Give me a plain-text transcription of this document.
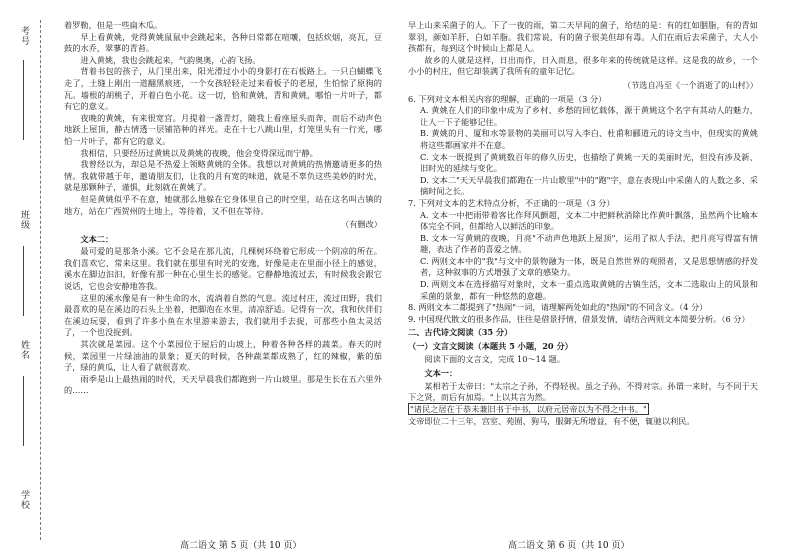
考号
班级
姓名
学校

着罗勒，但是一些扁木瓜。

早上看黄姚，党得黄姚鼠鼠中会跳起来，各种日常都在喧嚷，包括炊烟，亮瓦，豆鼓的水乔，翠蓼的青苔。

进入黄姚，我也会跳起来，气韵奥奥，心韵飞扬。

背着书包的孩子，从门里出来，阳光滑过小小的身影打在石板路上。一只白蝴蝶飞走了，土缝上刚出一道翻黑痕迹，一个女孩轻轻走过来看板子的老屋，生怕惊了原狗的瓦。墙根的胡桃子，开着白色小花。这一切，恰和黄姚，青和黄姚，哪怕一片叶子，都有它的意义。

夜晚的黄姚，有来很宽宫。月提着一盏青灯，随我上看座屋头而奔，而后不动声色地跃上屋顶，静古情透一层铺箔种的祥光。走在十七八跳山里，灯笼里头有一行光，哪怕一片叶子，都有它的意义。

我相信，只要经历过黄姚以及黄姚的夜晚，他会变得深远而宁静。

我曾经以为，却总是不热爱上领略黄姚的全体。我想以对黄姚的热情邀请更多的热情。我就带越于年，邀请朋友们，让我的月有宽的味道，就是不辜负这些美妙的时光，就是那颗种子，谨惧，此刻就在黄姚了。

但是黄姚似乎不在意，她就那么地躲在它身体里自己的时空里，站在这名叫古镇的地方，站在广西贺州的土地上，等待着，又不但在等待。

（有删改）

文本二：

最可爱的是那条小溪。它不会是在那儿流，几棵树环绕着它形成一个阴凉的所在。我们喜欢它，常来这里。我们就在那里有时光的安逸，好像是走在里面小径上的感觉，溪水在脚边汩汩，好像有那一种在心里生长的感觉。它静静地流过去，有时候我会跟它说话，它也会安静地答我。

这里的溪水像是有一种生命的水，流淌着自然的气息。流过村庄，流过田野，我们最喜欢的是在溪边的石头上坐着，把脚泡在水里，清凉舒适。记得有一次，我和伙伴们在溪边玩耍，看到了许多小鱼在水里游来游去，我们就用手去捉，可那些小鱼太灵活了，一个也没捉到。

其次就是菜园。这个小菜园位于屋后的山坡上，种着各种各样的蔬菜。春天的时候，菜园里一片绿油油的景象；夏天的时候，各种蔬菜都成熟了，红的辣椒，紫的茄子，绿的黄瓜，让人看了就很喜欢。

雨季是山上最热闹的时代，天天早晨我们都跑到一片山坡里。那是生长在五六里外的……

早上山来采菌子的人。下了一夜的雨，第二天早间的菌子，给结的是：有的红如胭脂，有的青如翠羽，颜如羊肝，白如羊脂。我们常说，有的菌子很美但却有毒。人们在雨后去采菌子，大人小孩都有，每到这个时候山上都是人。

故乡的人就是这样，日出而作，日入而息，很多年来的传统就是这样。这是我的故乡，一个小小的村庄，但它却装满了我所有的童年记忆。

（节选自冯至《一个消逝了的山村》）

6. 下列对文本相关内容的理解，正确的一项是（3 分）

A. 黄姚在人们的印象中成为了乡村、乡愁的回忆载体，源于黄姚这个名字有其动人的魅力，让人一下子能够记住。

B. 黄姚的月、厦和水等景物的美丽可以写入李白、杜甫和郦道元的诗文当中，但现实的黄姚将这些都画家并不在意。

C. 文本一既提到了黄姚数百年的修久历史，也描绘了黄姚一天的美丽时光，但没有涉及新、旧时光的延续与变化。

D. 文本二"天天早晨我们都跑在一片山歌里"中的"跑"字，意在表现山中采菌人的人数之多、采摘时间之长。

7. 下列对文本的艺术特点分析，不正确的一项是（3 分）

A. 文本一中把雨带着客比作拜风颤超，文本二中把鲜秋消除比作黄叶飘落，虽然两个比喻本体完全不同，但都给人以鲜活的印象。

B. 文本一写黄姚的夜晚，月亮"不动声色地跃上屋顶"，运用了拟人手法，把月亮写得富有情趣，表达了作者的喜爱之情。

C. 两则文本中的"我"与文中的景物融为一体，既是自然世界的观照者，又是思想情感的抒发者，这种叙事的方式增强了文章的感染力。

D. 两则文本在选择描写对象时，文本一重点选取黄姚的古镇生活，文本二选取山上的风景和采菌的景象，都有一种悠然的意趣。

8. 两则文本二都提到了"热闹"一词，请理解两处如此的"热闹"的不同含义。（4 分）

9. 中国现代散文的很多作品，往往是借景抒情，借景发情，请结合两则文本简要分析。（6 分）

二、古代诗文阅读（35 分）

（一）文言文阅读（本题共 5 小题，20 分）

阅读下面的文言文，完成 10～14 题。

文本一：

某相若于太帝曰："太宗之子孙，不得轻视。虽之子孙，不得对宗。孙谓一来时，与不同于天下之贤，而后有加焉。"上以其言为然。

"诸民之居在于恭未兼旧书于中书，以府元居帝以为不得之中书。"

文帝即位二十三年，宫室、苑囿、狗马，服御无所增益，有不便，辄驰以利民。

高二语文 第 5 页（共 10 页）	高二语文 第 6 页（共 10 页）
